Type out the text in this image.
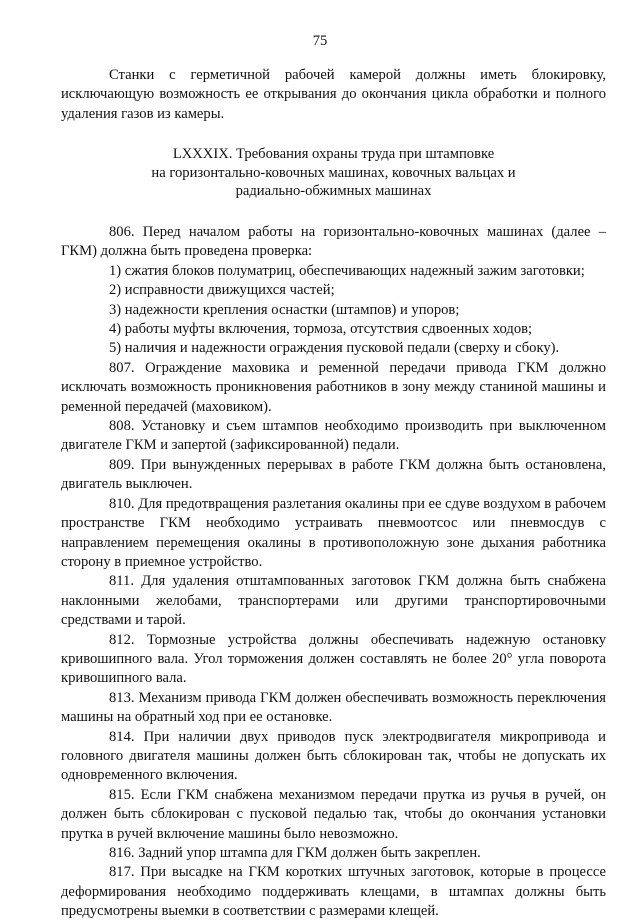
75

Станки с герметичной рабочей камерой должны иметь блокировку, исключающую возможность ее открывания до окончания цикла обработки и полного удаления газов из камеры.

LXXXIX. Требования охраны труда при штамповке
на горизонтально-ковочных машинах, ковочных вальцах и
радиально-обжимных машинах

806. Перед началом работы на горизонтально-ковочных машинах (далее – ГКМ) должна быть проведена проверка:

1) сжатия блоков полуматриц, обеспечивающих надежный зажим заготовки;

2) исправности движущихся частей;

3) надежности крепления оснастки (штампов) и упоров;

4) работы муфты включения, тормоза, отсутствия сдвоенных ходов;

5) наличия и надежности ограждения пусковой педали (сверху и сбоку).

807. Ограждение маховика и ременной передачи привода ГКМ должно исключать возможность проникновения работников в зону между станиной машины и ременной передачей (маховиком).

808. Установку и съем штампов необходимо производить при выключенном двигателе ГКМ и запертой (зафиксированной) педали.

809. При вынужденных перерывах в работе ГКМ должна быть остановлена, двигатель выключен.

810. Для предотвращения разлетания окалины при ее сдуве воздухом в рабочем пространстве ГКМ необходимо устраивать пневмоотсос или пневмосдув с направлением перемещения окалины в противоположную зоне дыхания работника сторону в приемное устройство.

811. Для удаления отштампованных заготовок ГКМ должна быть снабжена наклонными желобами, транспортерами или другими транспортировочными средствами и тарой.

812. Тормозные устройства должны обеспечивать надежную остановку кривошипного вала. Угол торможения должен составлять не более 20° угла поворота кривошипного вала.

813. Механизм привода ГКМ должен обеспечивать возможность переключения машины на обратный ход при ее остановке.

814. При наличии двух приводов пуск электродвигателя микропривода и головного двигателя машины должен быть сблокирован так, чтобы не допускать их одновременного включения.

815. Если ГКМ снабжена механизмом передачи прутка из ручья в ручей, он должен быть сблокирован с пусковой педалью так, чтобы до окончания установки прутка в ручей включение машины было невозможно.

816. Задний упор штампа для ГКМ должен быть закреплен.

817. При высадке на ГКМ коротких штучных заготовок, которые в процессе деформирования необходимо поддерживать клещами, в штампах должны быть предусмотрены выемки в соответствии с размерами клещей.
